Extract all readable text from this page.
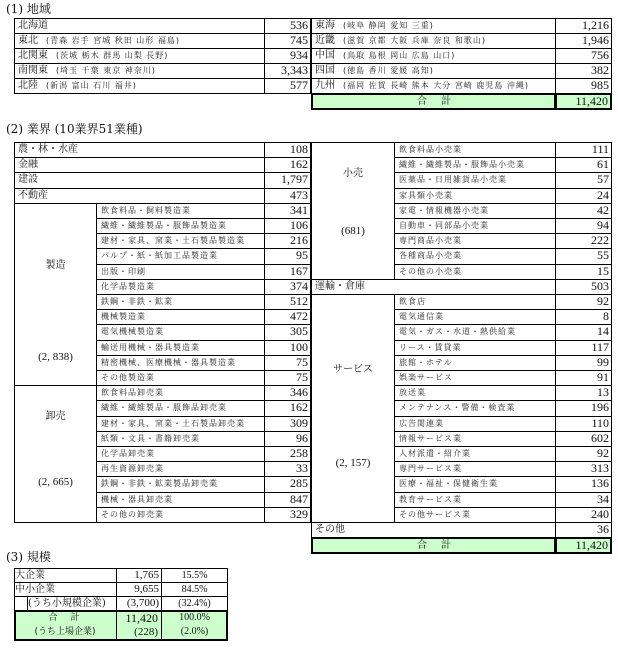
(1) 地域
北海道	536
東北 (青森 岩手 宮城 秋田 山形 福島)	745
北関東 (茨城 栃木 群馬 山梨 長野)	934
南関東 (埼玉 千葉 東京 神奈川)	3,343
北陸 (新潟 富山 石川 福井)	577
東海 (岐阜 静岡 愛知 三重)	1,216
近畿 (滋賀 京都 大阪 兵庫 奈良 和歌山)	1,946
中国 (鳥取 島根 岡山 広島 山口)	756
四国 (徳島 香川 愛媛 高知)	382
九州 (福岡 佐賀 長崎 熊本 大分 宮崎 鹿児島 沖縄)	985
合　計	11,420
(2) 業界 (10業界51業種)
農・林・水産	108
金融	162
建設	1,797
不動産	473
製造
(2, 838)
飲食料品・飼料製造業	341
繊維・繊維製品・服飾品製造業	106
建材・家具、窯業・土石製品製造業	216
パルプ・紙・紙加工品製造業	95
出版・印刷	167
化学品製造業	374
鉄鋼・非鉄・鉱業	512
機械製造業	472
電気機械製造業	305
輸送用機械・器具製造業	100
精密機械、医療機械・器具製造業	75
その他製造業	75
卸売
(2, 665)
飲食料品卸売業	346
繊維・繊維製品・服飾品卸売業	162
建材・家具、窯業・土石製品卸売業	309
紙類・文具・書籍卸売業	96
化学品卸売業	258
再生資源卸売業	33
鉄鋼・非鉄・鉱業製品卸売業	285
機械・器具卸売業	847
その他の卸売業	329
小売
(681)
飲食料品小売業	111
繊維・繊維製品・服飾品小売業	61
医薬品・日用雑貨品小売業	57
家具類小売業	24
家電・情報機器小売業	42
自動車・同部品小売業	94
専門商品小売業	222
各種商品小売業	55
その他の小売業	15
運輸・倉庫	503
サービス
(2, 157)
飲食店	92
電気通信業	8
電気・ガス・水道・熱供給業	14
リース・賃貸業	117
旅館・ホテル	99
娯楽サービス	91
放送業	13
メンテナンス・警備・検査業	196
広告関連業	110
情報サービス業	602
人材派遣・紹介業	92
専門サービス業	313
医療・福祉・保健衛生業	136
教育サービス業	34
その他サービス業	240
その他	36
合　計	11,420
(3) 規模
大企業	1,765	15.5%
中小企業	9,655	84.5%
(うち小規模企業)	(3,700)	(32.4%)
合　計	11,420	100.0%
(うち上場企業)	(228)	(2.0%)
